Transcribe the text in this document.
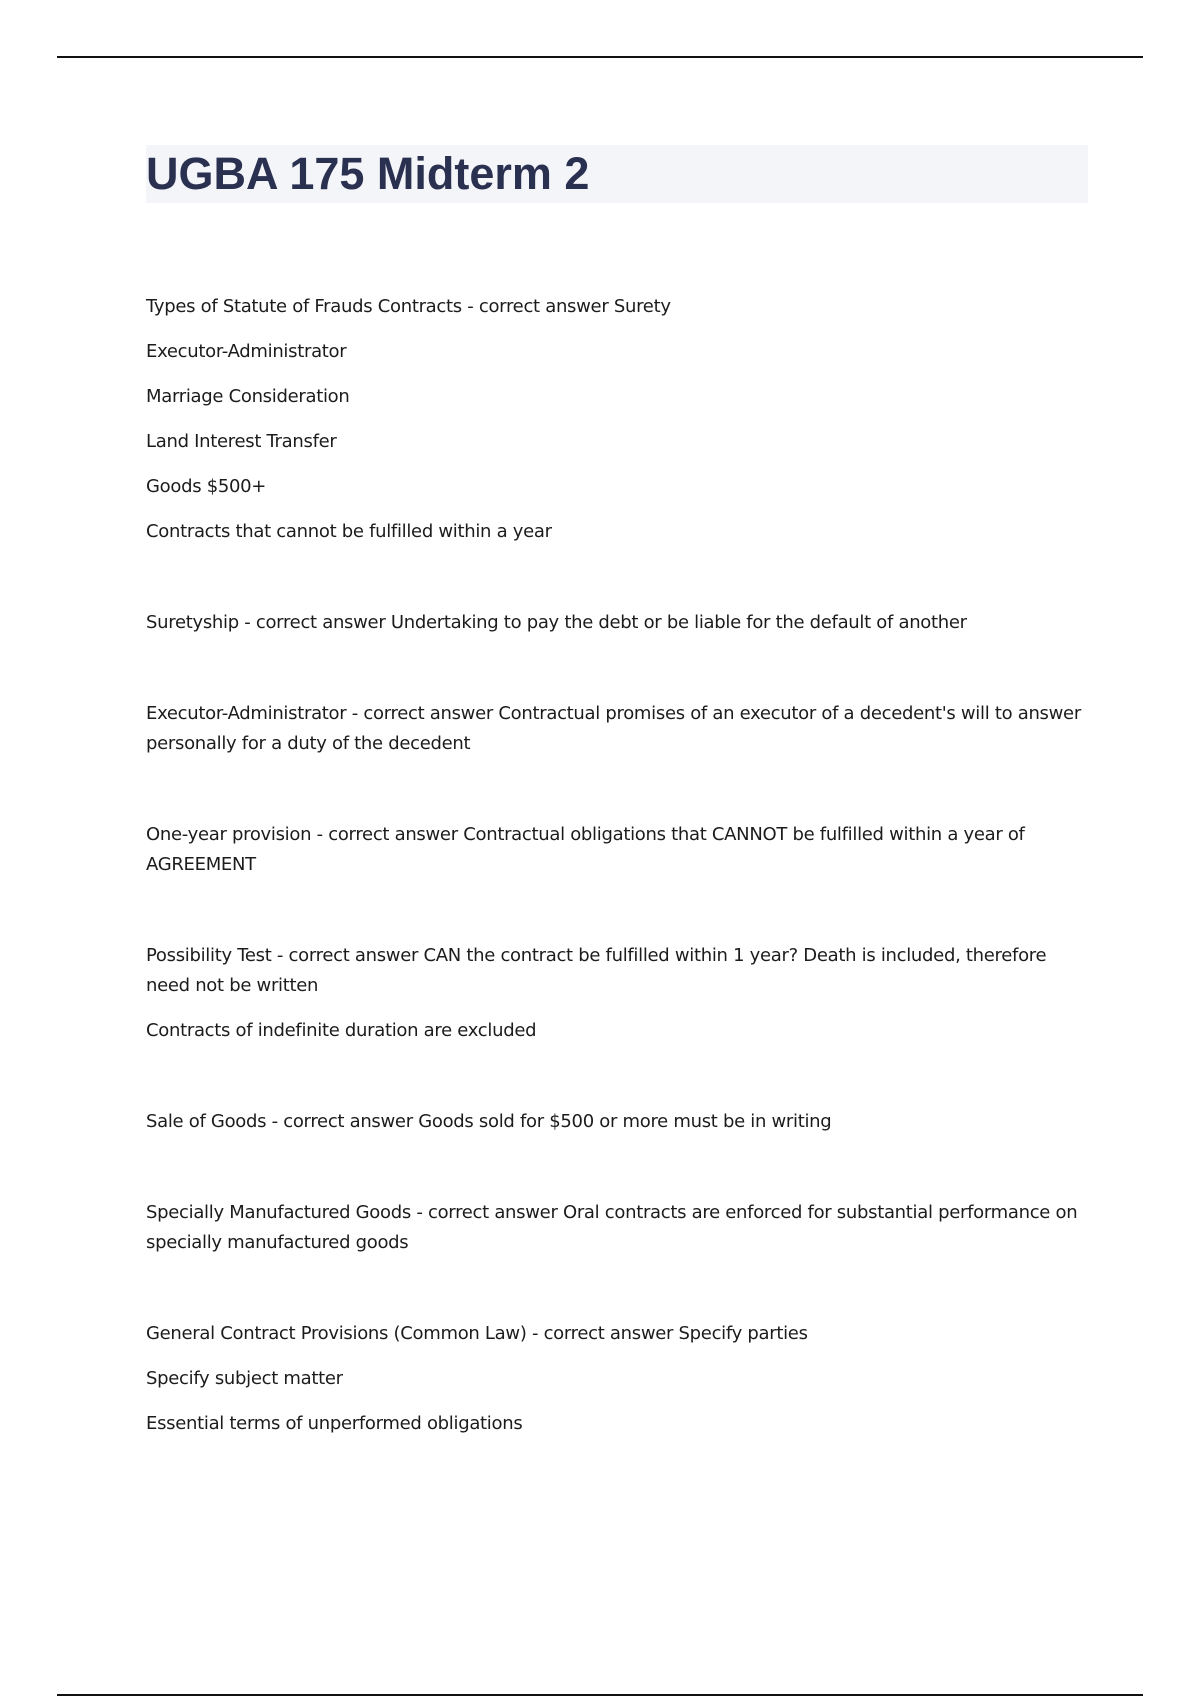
UGBA 175 Midterm 2

Types of Statute of Frauds Contracts - correct answer Surety

Executor-Administrator

Marriage Consideration

Land Interest Transfer

Goods $500+

Contracts that cannot be fulfilled within a year

Suretyship - correct answer Undertaking to pay the debt or be liable for the default of another

Executor-Administrator - correct answer Contractual promises of an executor of a decedent's will to answer personally for a duty of the decedent

One-year provision - correct answer Contractual obligations that CANNOT be fulfilled within a year of AGREEMENT

Possibility Test - correct answer CAN the contract be fulfilled within 1 year? Death is included, therefore need not be written

Contracts of indefinite duration are excluded

Sale of Goods - correct answer Goods sold for $500 or more must be in writing

Specially Manufactured Goods - correct answer Oral contracts are enforced for substantial performance on specially manufactured goods

General Contract Provisions (Common Law) - correct answer Specify parties

Specify subject matter

Essential terms of unperformed obligations
